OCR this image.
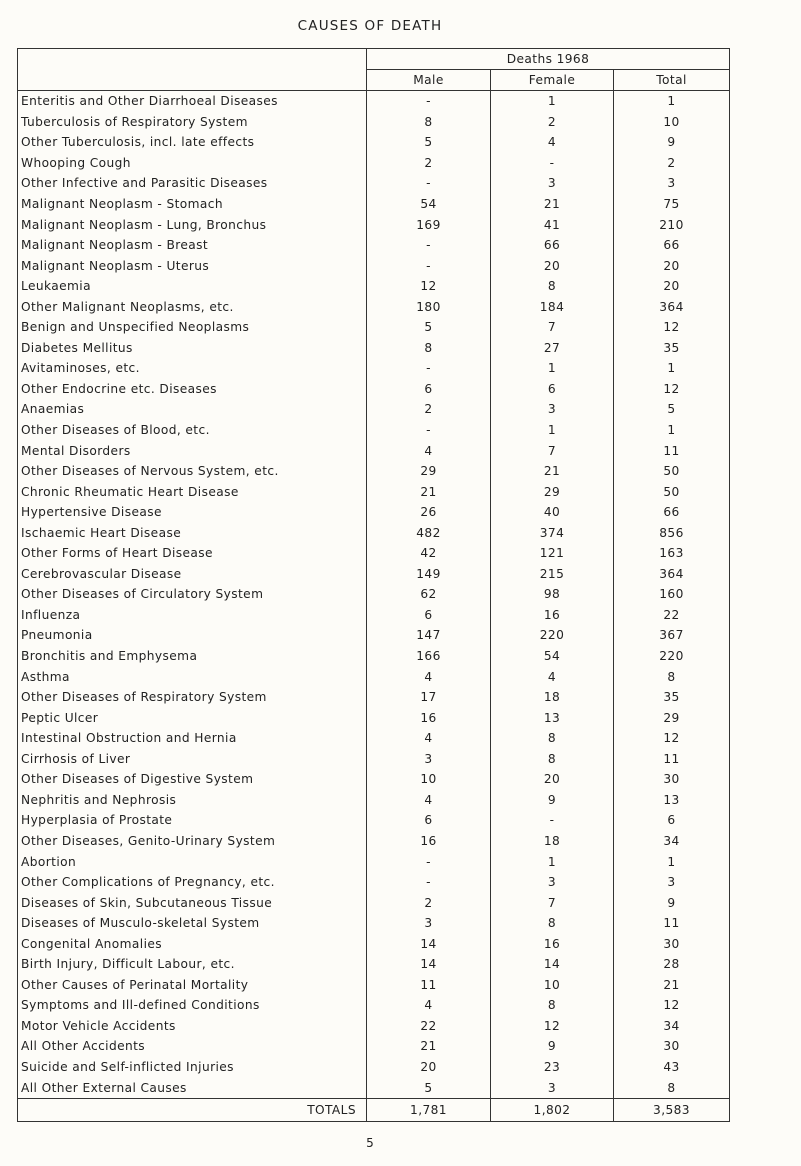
CAUSES OF DEATH
	Deaths 1968		
	Male	Female	Total
Enteritis and Other Diarrhoeal Diseases	-	1	1
Tuberculosis of Respiratory System	8	2	10
Other Tuberculosis, incl. late effects	5	4	9
Whooping Cough	2	-	2
Other Infective and Parasitic Diseases	-	3	3
Malignant Neoplasm - Stomach	54	21	75
Malignant Neoplasm - Lung, Bronchus	169	41	210
Malignant Neoplasm - Breast	-	66	66
Malignant Neoplasm - Uterus	-	20	20
Leukaemia	12	8	20
Other Malignant Neoplasms, etc.	180	184	364
Benign and Unspecified Neoplasms	5	7	12
Diabetes Mellitus	8	27	35
Avitaminoses, etc.	-	1	1
Other Endocrine etc. Diseases	6	6	12
Anaemias	2	3	5
Other Diseases of Blood, etc.	-	1	1
Mental Disorders	4	7	11
Other Diseases of Nervous System, etc.	29	21	50
Chronic Rheumatic Heart Disease	21	29	50
Hypertensive Disease	26	40	66
Ischaemic Heart Disease	482	374	856
Other Forms of Heart Disease	42	121	163
Cerebrovascular Disease	149	215	364
Other Diseases of Circulatory System	62	98	160
Influenza	6	16	22
Pneumonia	147	220	367
Bronchitis and Emphysema	166	54	220
Asthma	4	4	8
Other Diseases of Respiratory System	17	18	35
Peptic Ulcer	16	13	29
Intestinal Obstruction and Hernia	4	8	12
Cirrhosis of Liver	3	8	11
Other Diseases of Digestive System	10	20	30
Nephritis and Nephrosis	4	9	13
Hyperplasia of Prostate	6	-	6
Other Diseases, Genito-Urinary System	16	18	34
Abortion	-	1	1
Other Complications of Pregnancy, etc.	-	3	3
Diseases of Skin, Subcutaneous Tissue	2	7	9
Diseases of Musculo-skeletal System	3	8	11
Congenital Anomalies	14	16	30
Birth Injury, Difficult Labour, etc.	14	14	28
Other Causes of Perinatal Mortality	11	10	21
Symptoms and Ill-defined Conditions	4	8	12
Motor Vehicle Accidents	22	12	34
All Other Accidents	21	9	30
Suicide and Self-inflicted Injuries	20	23	43
All Other External Causes	5	3	8
TOTALS	1,781	1,802	3,583
5
